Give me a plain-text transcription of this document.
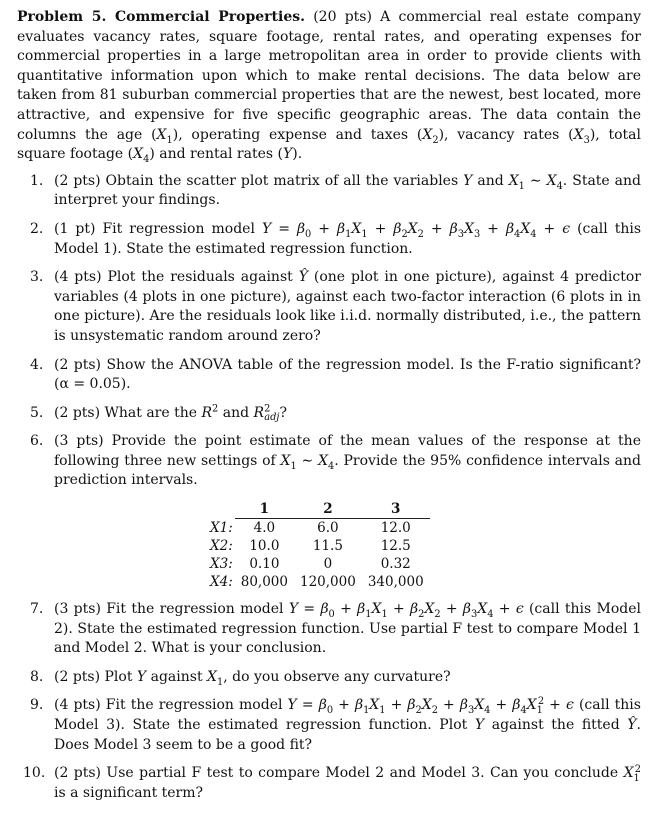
Problem 5. Commercial Properties. (20 pts) A commercial real estate company evaluates vacancy rates, square footage, rental rates, and operating expenses for commercial properties in a large metropolitan area in order to provide clients with quantitative information upon which to make rental decisions. The data below are taken from 81 suburban commercial properties that are the newest, best located, more attractive, and expensive for five specific geographic areas. The data contain the columns the age $(X_1)$, operating expense and taxes $(X_2)$, vacancy rates $(X_3)$, total square footage $(X_4)$ and rental rates (Y).

1. (2 pts) Obtain the scatter plot matrix of all the variables Y and $X_1$ ∼ $X_4$. State and interpret your findings.
2. (1 pt) Fit regression model $Y = \beta_0 + \beta_1X_1 + \beta_2X_2 + \beta_3X_3 + \beta_4X_4 + \epsilon$ (call this Model 1). State the estimated regression function.
3. (4 pts) Plot the residuals against Ŷ (one plot in one picture), against 4 predictor variables (4 plots in one picture), against each two-factor interaction (6 plots in in one picture). Are the residuals look like i.i.d. normally distributed, i.e., the pattern is unsystematic random around zero?
4. (2 pts) Show the ANOVA table of the regression model. Is the F-ratio significant? (α = 0.05).
5. (2 pts) What are the $R^2$ and $R^2_{adj}$?
6. (3 pts) Provide the point estimate of the mean values of the response at the following three new settings of $X_1$ ∼ $X_4$. Provide the 95% confidence intervals and prediction intervals.
	1	2	3
X1:	4.0	6.0	12.0
X2:	10.0	11.5	12.5
X3:	0.10	0	0.32
X4:	80,000	120,000	340,000
7. (3 pts) Fit the regression model $Y = \beta_0 + \beta_1X_1 + \beta_2X_2 + \beta_3X_4 + \epsilon$ (call this Model 2). State the estimated regression function. Use partial F test to compare Model 1 and Model 2. What is your conclusion.
8. (2 pts) Plot Y against $X_1$, do you observe any curvature?
9. (4 pts) Fit the regression model $Y = \beta_0 + \beta_1X_1 + \beta_2X_2 + \beta_3X_4 + \beta_4X_1^2 + \epsilon$ (call this Model 3). State the estimated regression function. Plot Y against the fitted Ŷ. Does Model 3 seem to be a good fit?
10. (2 pts) Use partial F test to compare Model 2 and Model 3. Can you conclude $X_1^2$ is a significant term?
